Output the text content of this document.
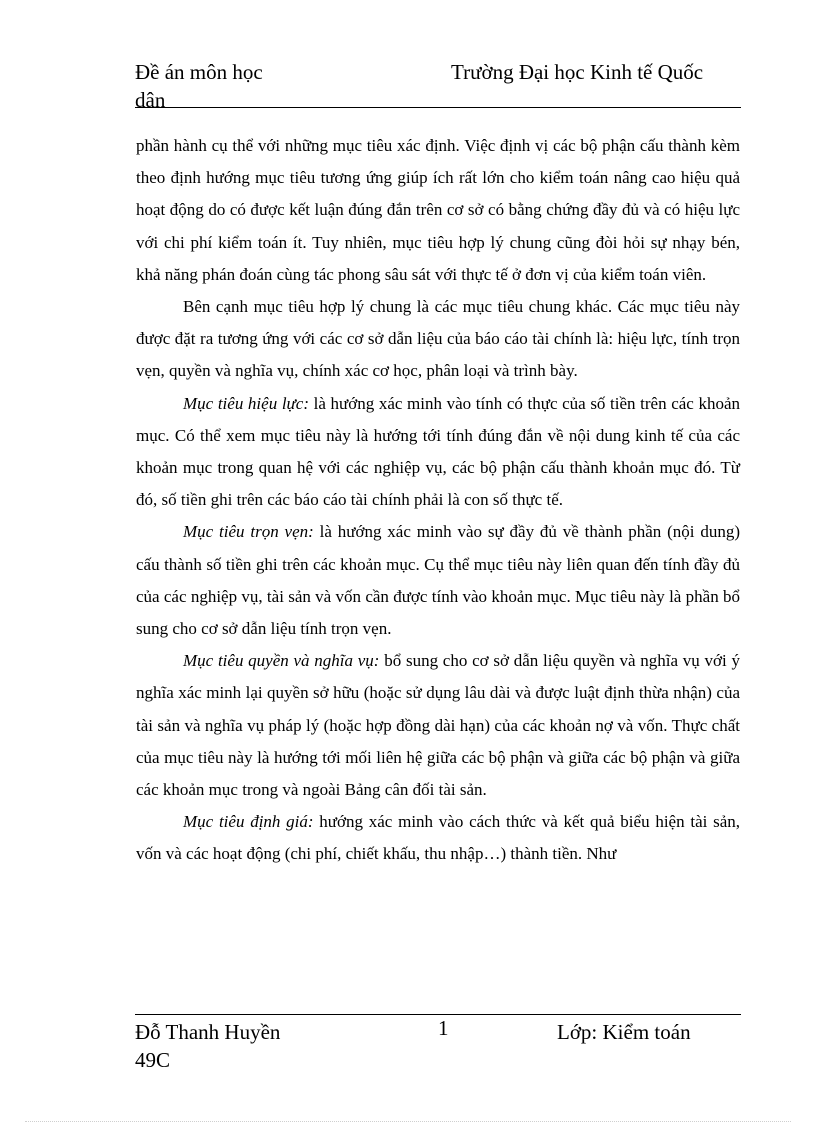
Đề án môn học
dân
Trường Đại học Kinh tế Quốc

phần hành cụ thể với những mục tiêu xác định. Việc định vị các bộ phận cấu thành kèm theo định hướng mục tiêu tương ứng giúp ích rất lớn cho kiểm toán nâng cao hiệu quả hoạt động do có được kết luận đúng đắn trên cơ sở có bằng chứng đầy đủ và có hiệu lực với chi phí kiểm toán ít. Tuy nhiên, mục tiêu hợp lý chung cũng đòi hỏi sự nhạy bén, khả năng phán đoán cùng tác phong sâu sát với thực tế ở đơn vị của kiểm toán viên.

Bên cạnh mục tiêu hợp lý chung là các mục tiêu chung khác. Các mục tiêu này được đặt ra tương ứng với các cơ sở dẫn liệu của báo cáo tài chính là: hiệu lực, tính trọn vẹn, quyền và nghĩa vụ, chính xác cơ học, phân loại và trình bày.

Mục tiêu hiệu lực: là hướng xác minh vào tính có thực của số tiền trên các khoản mục. Có thể xem mục tiêu này là hướng tới tính đúng đắn về nội dung kinh tế của các khoản mục trong quan hệ với các nghiệp vụ, các bộ phận cấu thành khoản mục đó. Từ đó, số tiền ghi trên các báo cáo tài chính phải là con số thực tế.

Mục tiêu trọn vẹn: là hướng xác minh vào sự đầy đủ về thành phần (nội dung) cấu thành số tiền ghi trên các khoản mục. Cụ thể mục tiêu này liên quan đến tính đầy đủ của các nghiệp vụ, tài sản và vốn cần được tính vào khoản mục. Mục tiêu này là phần bổ sung cho cơ sở dẫn liệu tính trọn vẹn.

Mục tiêu quyền và nghĩa vụ: bổ sung cho cơ sở dẫn liệu quyền và nghĩa vụ với ý nghĩa xác minh lại quyền sở hữu (hoặc sử dụng lâu dài và được luật định thừa nhận) của tài sản và nghĩa vụ pháp lý (hoặc hợp đồng dài hạn) của các khoản nợ và vốn. Thực chất của mục tiêu này là hướng tới mối liên hệ giữa các bộ phận và giữa các bộ phận và giữa các khoản mục trong và ngoài Bảng cân đối tài sản.

Mục tiêu định giá: hướng xác minh vào cách thức và kết quả biểu hiện tài sản, vốn và các hoạt động (chi phí, chiết khấu, thu nhập…) thành tiền. Như

Đỗ Thanh Huyền
49C
1	Lớp: Kiểm toán
